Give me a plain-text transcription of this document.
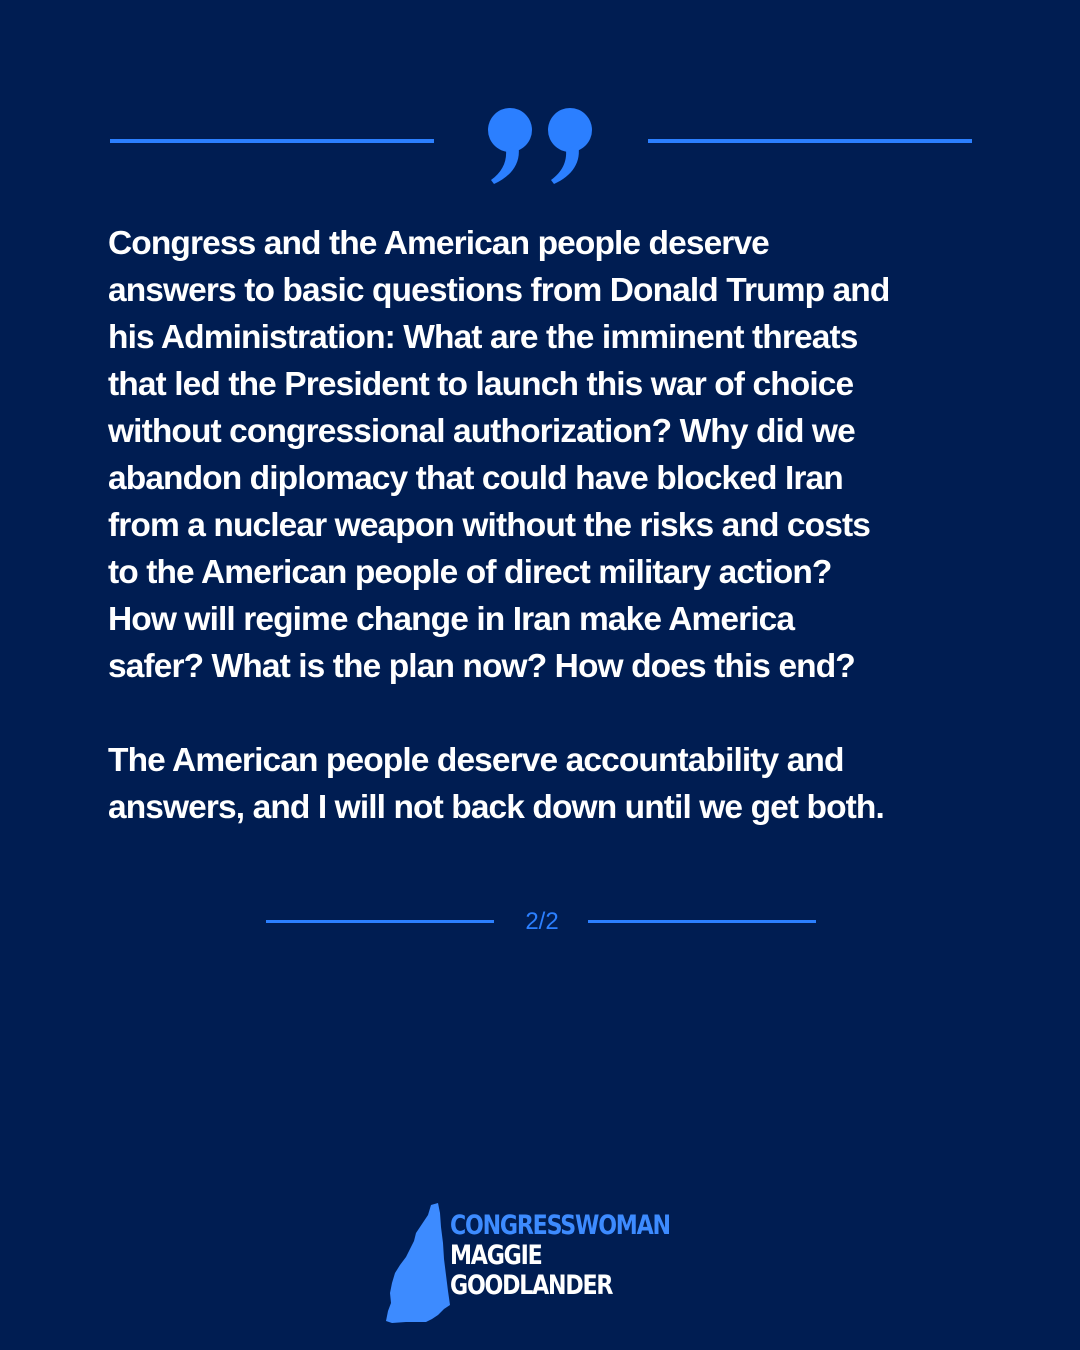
Congress and the American people deserve
answers to basic questions from Donald Trump and
his Administration: What are the imminent threats
that led the President to launch this war of choice
without congressional authorization? Why did we
abandon diplomacy that could have blocked Iran
from a nuclear weapon without the risks and costs
to the American people of direct military action?
How will regime change in Iran make America
safer? What is the plan now? How does this end?

The American people deserve accountability and
answers, and I will not back down until we get both.

2/2
CONGRESSWOMAN
MAGGIE
GOODLANDER
